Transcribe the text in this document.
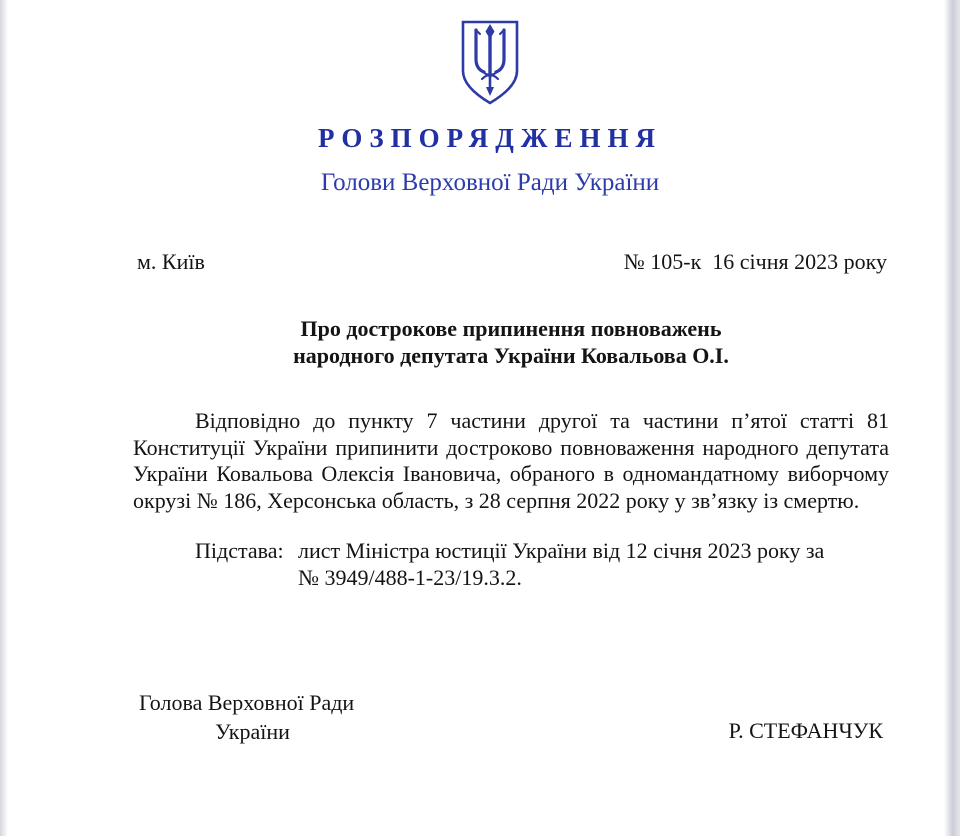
РОЗПОРЯДЖЕННЯ
Голови Верховної Ради України
м. Київ	№ 105-к  16 січня 2023 року
Про дострокове припинення повноважень
народного депутата України Ковальова О.І.
Відповідно до пункту 7 частини другої та частини п’ятої статті 81 Конституції України припинити достроково повноваження народного депутата України Ковальова Олексія Івановича, обраного в одномандатному виборчому окрузі № 186, Херсонська область, з 28 серпня 2022 року у зв’язку із смертю.
Підстава: лист Міністра юстиції України від 12 січня 2023 року за
№ 3949/488-1-23/19.3.2.
Голова Верховної Ради
України	Р. СТЕФАНЧУК
